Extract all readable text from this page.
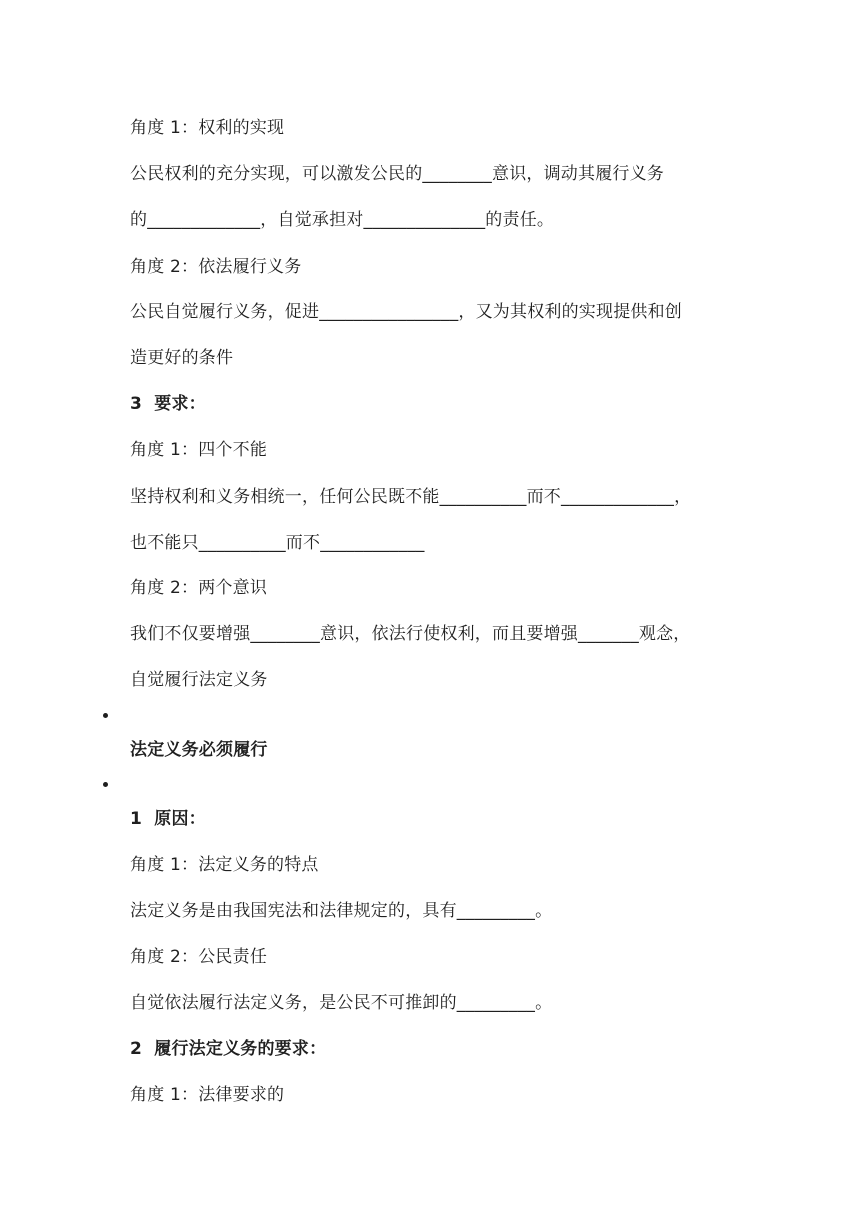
角度 1：权利的实现
公民权利的充分实现，可以激发公民的________意识，调动其履行义务
的_____________，自觉承担对______________的责任。
角度 2：依法履行义务
公民自觉履行义务，促进________________，又为其权利的实现提供和创
造更好的条件
3  要求：
角度 1：四个不能
坚持权利和义务相统一，任何公民既不能__________而不_____________，
也不能只__________而不____________
角度 2：两个意识
我们不仅要增强________意识，依法行使权利，而且要增强_______观念，
自觉履行法定义务
法定义务必须履行
1  原因：
角度 1：法定义务的特点
法定义务是由我国宪法和法律规定的，具有_________。
角度 2：公民责任
自觉依法履行法定义务，是公民不可推卸的_________。
2  履行法定义务的要求：
角度 1：法律要求的
